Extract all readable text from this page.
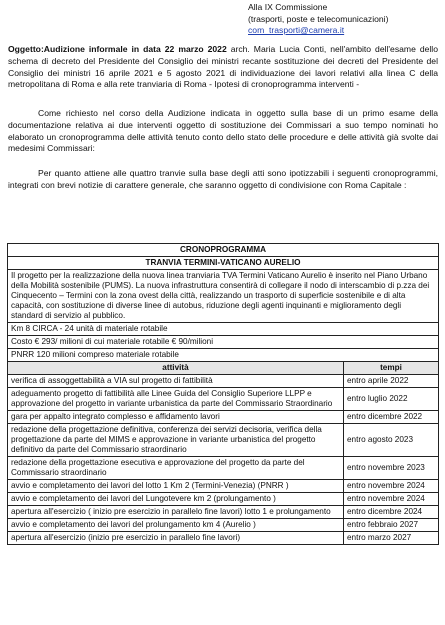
Alla IX Commissione
(trasporti, poste e telecomunicazioni)
com_trasporti@camera.it
Oggetto:Audizione informale in data 22 marzo 2022 arch. Maria Lucia Conti, nell'ambito dell'esame dello schema di decreto del Presidente del Consiglio dei ministri recante sostituzione dei decreti del Presidente del Consiglio dei ministri 16 aprile 2021 e 5 agosto 2021 di individuazione dei lavori relativi alla linea C della metropolitana di Roma e alla rete tranviaria di Roma - Ipotesi di cronoprogramma interventi -
Come richiesto nel corso della Audizione indicata in oggetto sulla base di un primo esame della documentazione relativa ai due interventi oggetto di sostituzione dei Commissari a suo tempo nominati ho elaborato un cronoprogramma delle attività tenuto conto dello stato delle procedure e delle attività già svolte dai medesimi Commissari:
Per quanto attiene alle quattro tranvie sulla base degli atti sono ipotizzabili i seguenti cronoprogrammi, integrati con brevi notizie di carattere generale, che saranno oggetto di condivisione con Roma Capitale :
CRONOPROGRAMMA	
TRANVIA TERMINI-VATICANO AURELIO	
Il progetto per la realizzazione della nuova linea tranviaria TVA Termini Vaticano Aurelio è inserito nel Piano Urbano della Mobilità sostenibile (PUMS). La nuova infrastruttura consentirà di collegare il nodo di interscambio di p.zza dei Cinquecento – Termini con la zona ovest della città, realizzando un trasporto di superficie sostenibile e di alta capacità, con sostituzione di diverse linee di autobus, riduzione degli agenti inquinanti e miglioramento degli standard di servizio al pubblico.	
Km 8 CIRCA - 24 unità di materiale rotabile	
Costo € 293/ milioni di cui materiale rotabile € 90/milioni	
PNRR 120 milioni compreso materiale rotabile	
attività	tempi
verifica di assoggettabilità a VIA sul progetto di fattibilità	entro aprile 2022
adeguamento progetto di fattibilità alle Linee Guida del Consiglio Superiore LLPP e approvazione del progetto in variante urbanistica da parte del Commissario Straordinario	entro luglio 2022
gara per appalto integrato complesso e affidamento lavori	entro dicembre 2022
redazione della progettazione definitiva, conferenza dei servizi decisoria, verifica della progettazione da parte del MIMS e approvazione in variante urbanistica del progetto definitivo da parte del Commissario straordinario	entro agosto 2023
redazione della progettazione esecutiva e approvazione del progetto da parte del Commissario straordinario	entro novembre 2023
avvio e completamento dei lavori del lotto 1 Km 2 (Termini-Venezia) (PNRR )	entro novembre 2024
avvio e completamento dei lavori del Lungotevere km 2 (prolungamento )	entro novembre 2024
apertura all'esercizio ( inizio pre esercizio in parallelo fine lavori) lotto 1 e prolungamento	entro dicembre 2024
avvio e completamento dei lavori del prolungamento km 4 (Aurelio )	entro febbraio 2027
apertura all'esercizio (inizio pre esercizio in parallelo fine lavori)	entro marzo 2027
